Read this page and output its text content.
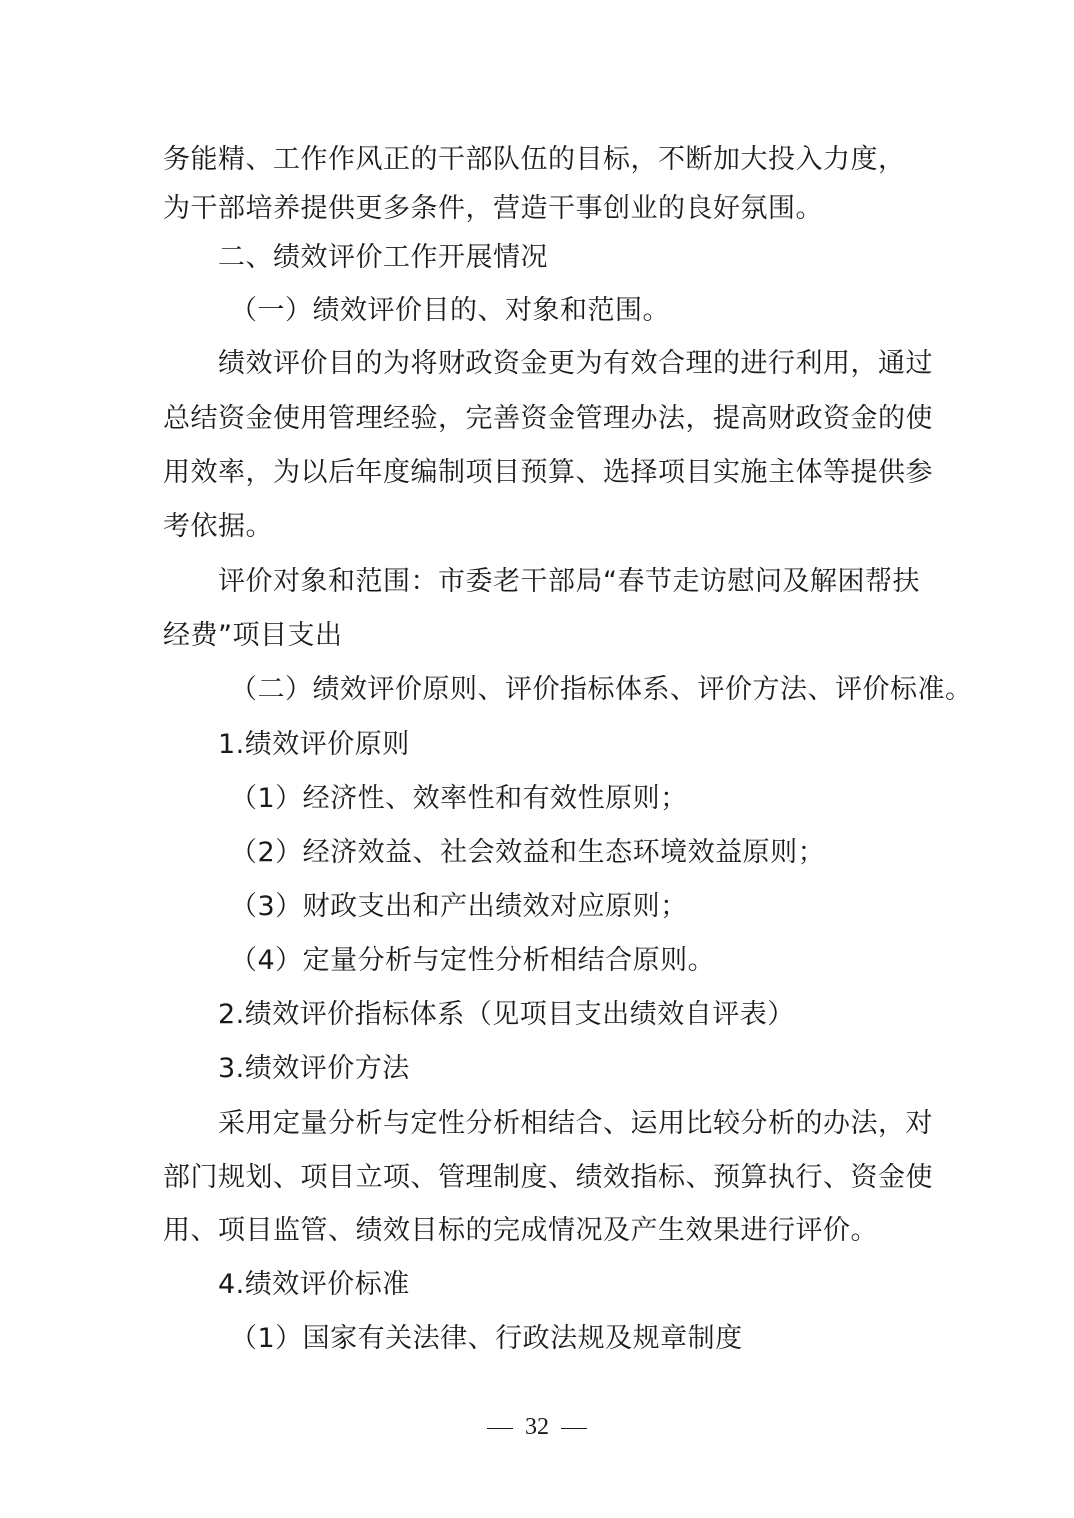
务能精、工作作风正的干部队伍的目标，不断加大投入力度，
为干部培养提供更多条件，营造干事创业的良好氛围。
二、绩效评价工作开展情况
（一）绩效评价目的、对象和范围。
绩效评价目的为将财政资金更为有效合理的进行利用，通过
总结资金使用管理经验，完善资金管理办法，提高财政资金的使
用效率，为以后年度编制项目预算、选择项目实施主体等提供参
考依据。
评价对象和范围：市委老干部局“春节走访慰问及解困帮扶
经费”项目支出
（二）绩效评价原则、评价指标体系、评价方法、评价标准。
1.绩效评价原则
（1）经济性、效率性和有效性原则；
（2）经济效益、社会效益和生态环境效益原则；
（3）财政支出和产出绩效对应原则；
（4）定量分析与定性分析相结合原则。
2.绩效评价指标体系（见项目支出绩效自评表）
3.绩效评价方法
采用定量分析与定性分析相结合、运用比较分析的办法，对
部门规划、项目立项、管理制度、绩效指标、预算执行、资金使
用、项目监管、绩效目标的完成情况及产生效果进行评价。
4.绩效评价标准
（1）国家有关法律、行政法规及规章制度
32
